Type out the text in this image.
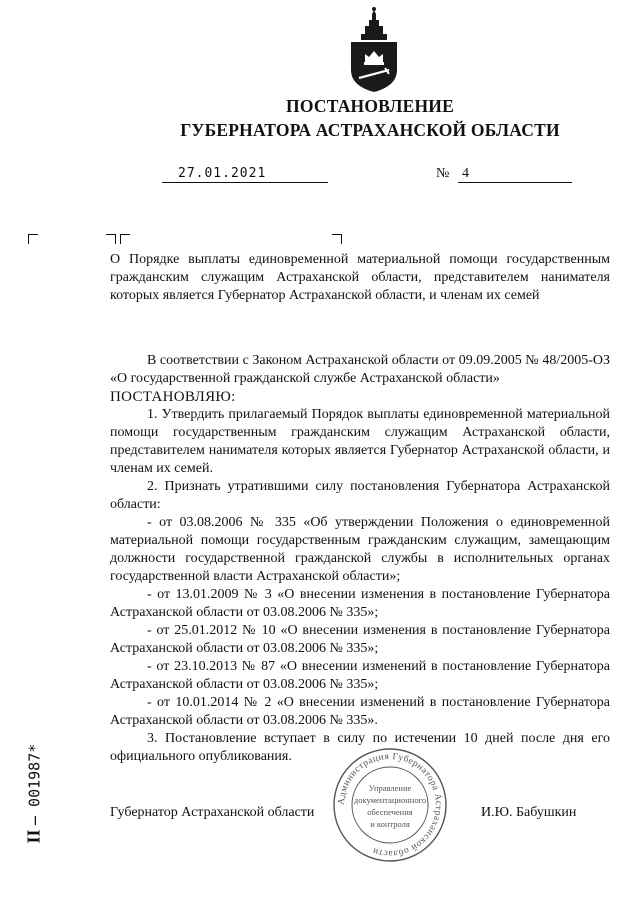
ПОСТАНОВЛЕНИЕ
ГУБЕРНАТОРА АСТРАХАНСКОЙ ОБЛАСТИ
27.01.2021	№ 4
О Порядке выплаты единовременной материальной помощи государственным гражданским служащим Астраханской области, представителем нанимателя которых является Губернатор Астраханской области, и членам их семей

В соответствии с Законом Астраханской области от 09.09.2005 № 48/2005-ОЗ «О государственной гражданской службе Астраханской области»

ПОСТАНОВЛЯЮ:

1. Утвердить прилагаемый Порядок выплаты единовременной материальной помощи государственным гражданским служащим Астраханской области, представителем нанимателя которых является Губернатор Астраханской области, и членам их семей.

2. Признать утратившими силу постановления Губернатора Астраханской области:

- от 03.08.2006 № 335 «Об утверждении Положения о единовременной материальной помощи государственным гражданским служащим, замещающим должности государственной гражданской службы в исполнительных органах государственной власти Астраханской области»;

- от 13.01.2009 № 3 «О внесении изменения в постановление Губернатора Астраханской области от 03.08.2006 № 335»;

- от 25.01.2012 № 10 «О внесении изменения в постановление Губернатора Астраханской области от 03.08.2006 № 335»;

- от 23.10.2013 № 87 «О внесении изменений в постановление Губернатора Астраханской области от 03.08.2006 № 335»;

- от 10.01.2014 № 2 «О внесении изменений в постановление Губернатора Астраханской области от 03.08.2006 № 335».

3. Постановление вступает в силу по истечении 10 дней после дня его официального опубликования.

Губернатор Астраханской области	И.Ю. Бабушкин
Администрация Губернатора Астраханской области
Управление
документационного
обеспечения
и контроля
II – 001987*
